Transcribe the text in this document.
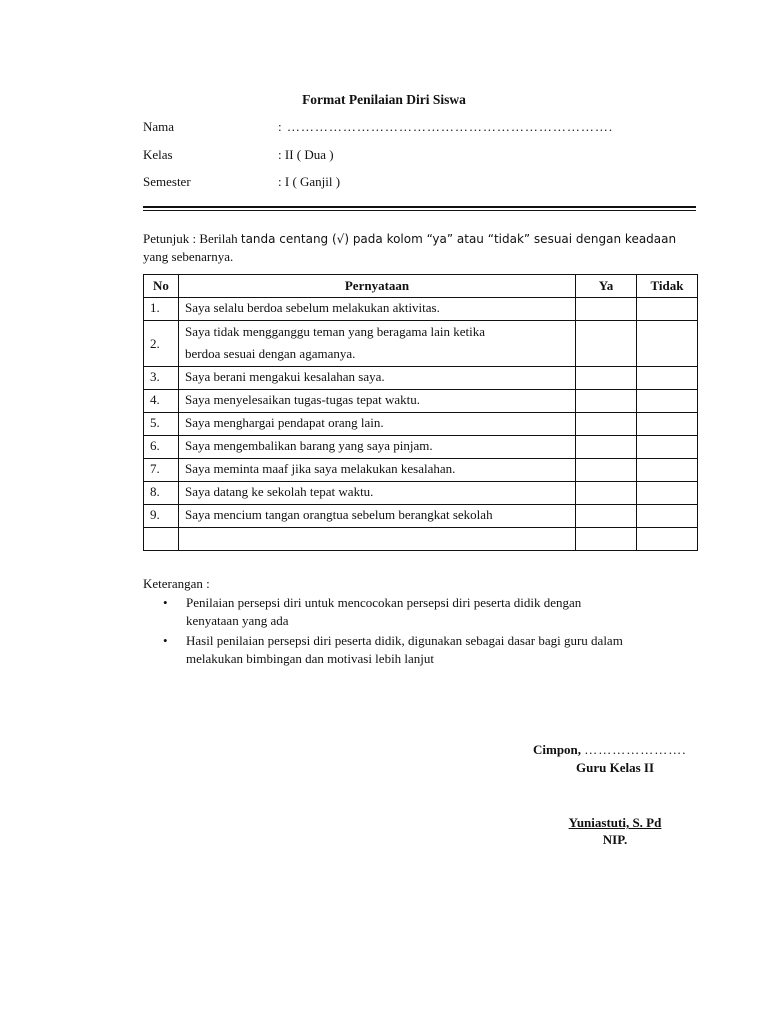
Format Penilaian Diri Siswa
Nama	: …………………………………………………………….
Kelas	: II ( Dua )
Semester	: I ( Ganjil )
Petunjuk : Berilah tanda centang (√) pada kolom “ya” atau “tidak” sesuai dengan keadaan
yang sebenarnya.
No	Pernyataan	Ya	Tidak
1.	Saya selalu berdoa sebelum melakukan aktivitas.		
2.	Saya tidak mengganggu teman yang beragama lain ketika
berdoa sesuai dengan agamanya.		
3.	Saya berani mengakui kesalahan saya.		
4.	Saya menyelesaikan tugas-tugas tepat waktu.		
5.	Saya menghargai pendapat orang lain.		
6.	Saya mengembalikan barang yang saya pinjam.		
7.	Saya meminta maaf jika saya melakukan kesalahan.		
8.	Saya datang ke sekolah tepat waktu.		
9.	Saya mencium tangan orangtua sebelum berangkat sekolah		

Keterangan :
• Penilaian persepsi diri untuk mencocokan persepsi diri peserta didik dengan
kenyataan yang ada
• Hasil penilaian persepsi diri peserta didik, digunakan sebagai dasar bagi guru dalam
melakukan bimbingan dan motivasi lebih lanjut
Cimpon, ………………….
Guru Kelas II
Yuniastuti, S. Pd
NIP.
